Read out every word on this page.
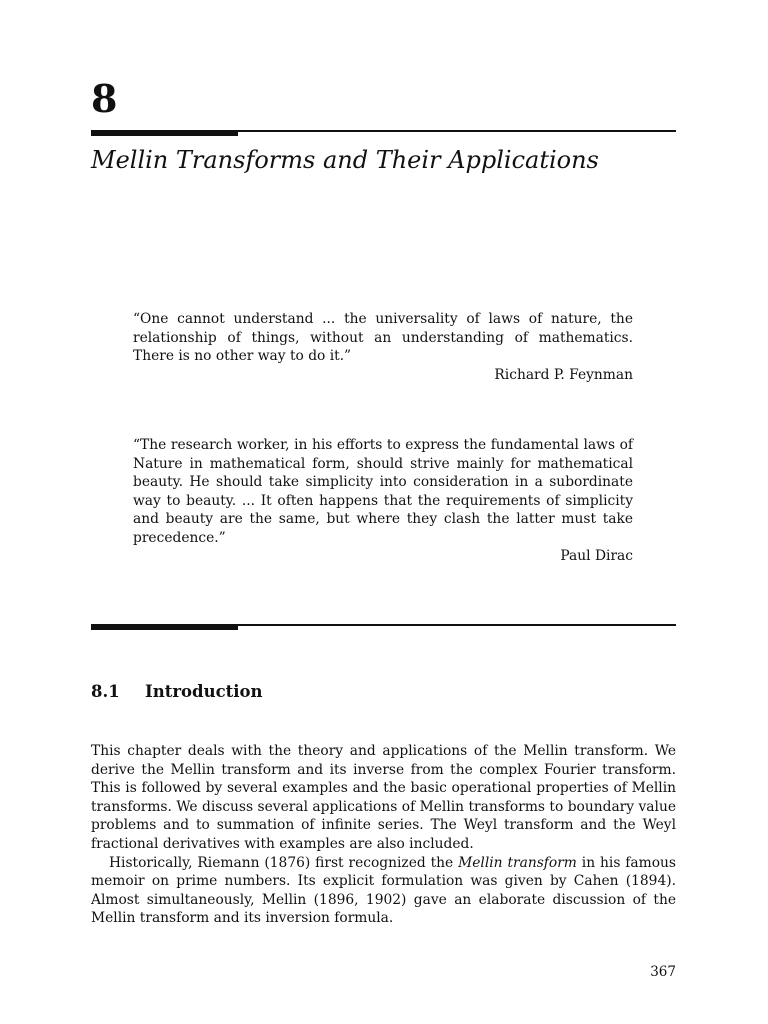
8
Mellin Transforms and Their Applications

“One cannot understand ... the universality of laws of nature, the relationship of things, without an understanding of mathematics. There is no other way to do it.”

Richard P. Feynman

“The research worker, in his efforts to express the fundamental laws of Nature in mathematical form, should strive mainly for mathematical beauty. He should take simplicity into consideration in a subordinate way to beauty. ... It often happens that the requirements of simplicity and beauty are the same, but where they clash the latter must take precedence.”

Paul Dirac

8.1 Introduction

This chapter deals with the theory and applications of the Mellin transform. We derive the Mellin transform and its inverse from the complex Fourier transform. This is followed by several examples and the basic operational properties of Mellin transforms. We discuss several applications of Mellin transforms to boundary value problems and to summation of infinite series. The Weyl transform and the Weyl fractional derivatives with examples are also included.

Historically, Riemann (1876) first recognized the Mellin transform in his famous memoir on prime numbers. Its explicit formulation was given by Cahen (1894). Almost simultaneously, Mellin (1896, 1902) gave an elaborate discussion of the Mellin transform and its inversion formula.

367
